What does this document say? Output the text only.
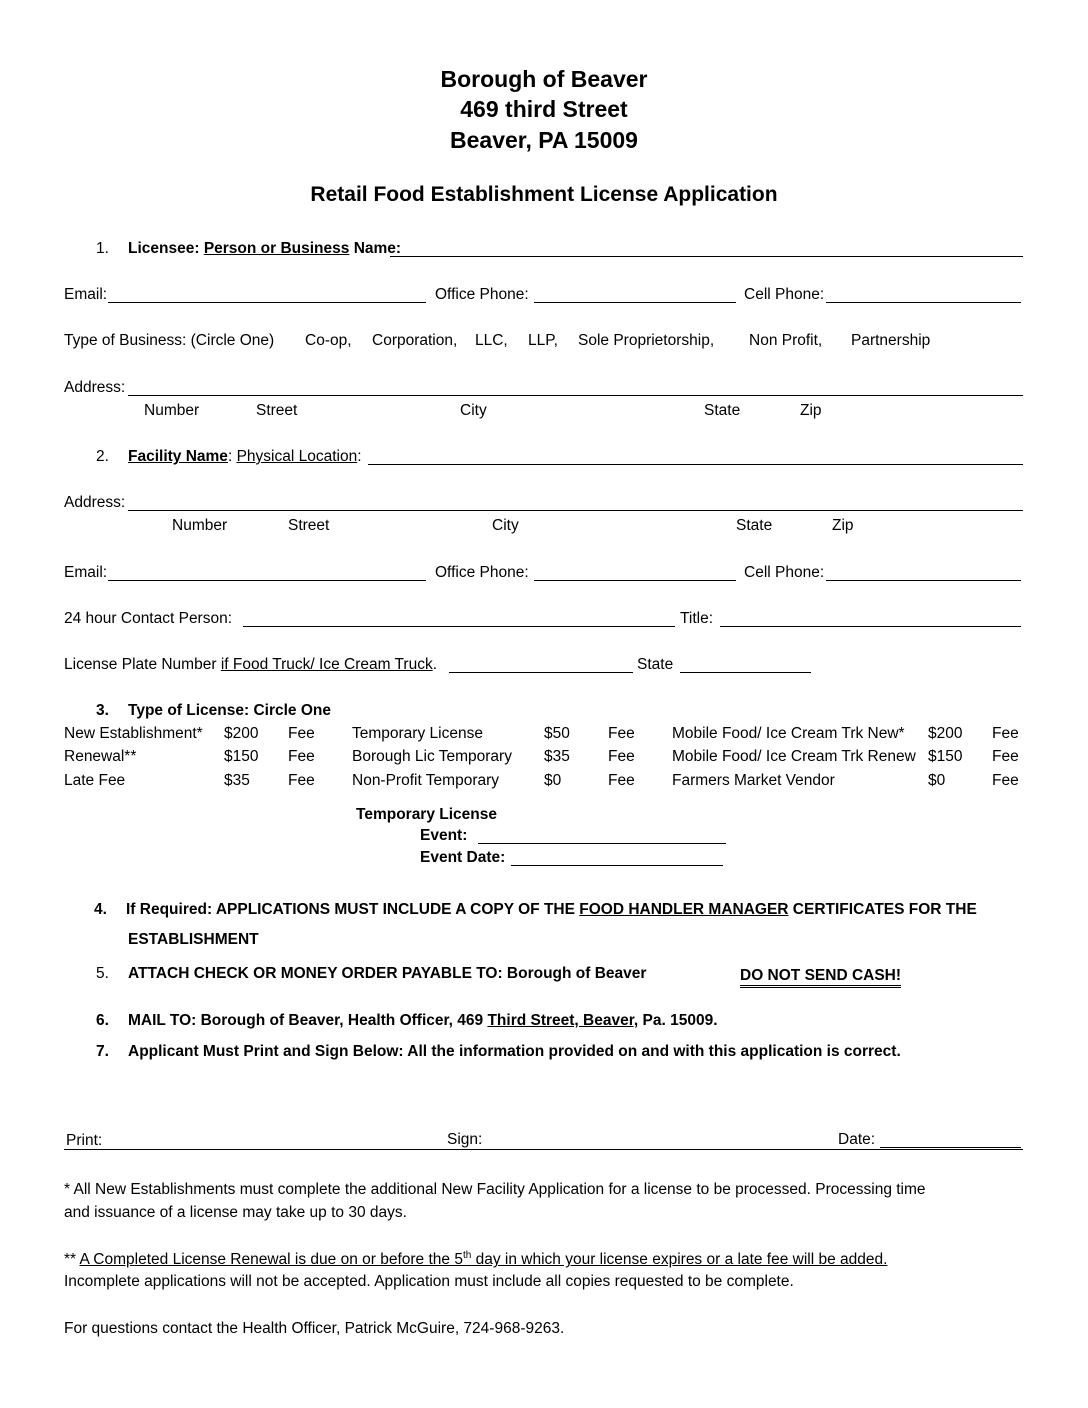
Borough of Beaver
469 third Street
Beaver, PA 15009
Retail Food Establishment License Application
1. Licensee: Person or Business Name:
Email:	Office Phone:	Cell Phone:
Type of Business: (Circle One) Co-op, Corporation, LLC, LLP, Sole Proprietorship, Non Profit, Partnership
Address:
Number	Street	City	State	Zip
2. Facility Name: Physical Location:
Address:
Number	Street	City	State	Zip
Email:	Office Phone:	Cell Phone:
24 hour Contact Person:	Title:
License Plate Number if Food Truck/ Ice Cream Truck.	State
3. Type of License: Circle One
New Establishment* $200 Fee Temporary License	$50 Fee Mobile Food/ Ice Cream Trk New* $200 Fee
Renewal**	$150 Fee Borough Lic Temporary $35 Fee Mobile Food/ Ice Cream Trk Renew $150 Fee
Late Fee	$35 Fee Non-Profit Temporary	$0	Fee Farmers Market Vendor	$0	Fee
Temporary License
Event:
Event Date:
4. If Required: APPLICATIONS MUST INCLUDE A COPY OF THE FOOD HANDLER MANAGER CERTIFICATES FOR THE
ESTABLISHMENT
5. ATTACH CHECK OR MONEY ORDER PAYABLE TO: Borough of Beaver	DO NOT SEND CASH!
6. MAIL TO: Borough of Beaver, Health Officer, 469 Third Street, Beaver, Pa. 15009.
7. Applicant Must Print and Sign Below: All the information provided on and with this application is correct.
Print:	Sign:	Date:
* All New Establishments must complete the additional New Facility Application for a license to be processed. Processing time
and issuance of a license may take up to 30 days.
** A Completed License Renewal is due on or before the 5th day in which your license expires or a late fee will be added.
Incomplete applications will not be accepted. Application must include all copies requested to be complete.
For questions contact the Health Officer, Patrick McGuire, 724-968-9263.
